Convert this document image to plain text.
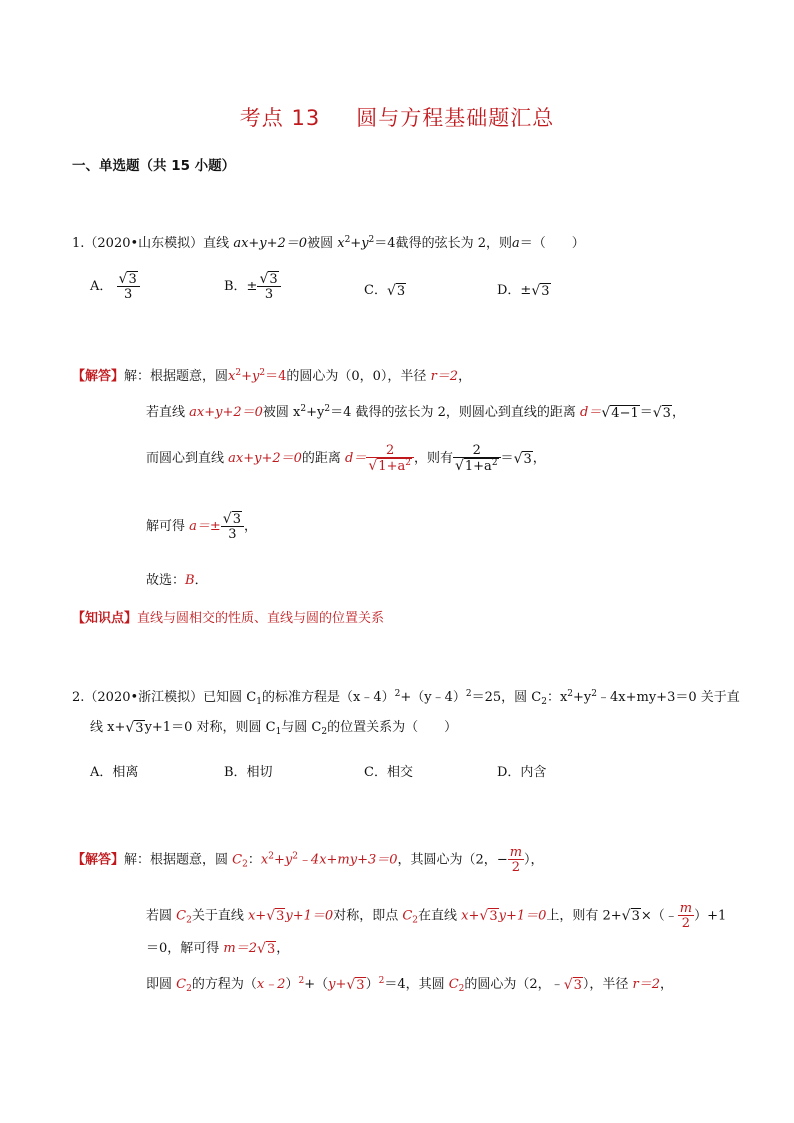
考点 13 圆与方程基础题汇总
一、单选题（共 15 小题）
1.（2020•山东模拟）直线 ax+y+2＝0被圆 $x^2+y^2=4$截得的弦长为 2，则a＝（　　）
A． $\frac{√3}{3}$	B．± $\frac{√3}{3}$	C．√3	D．±√3
【解答】解：根据题意，圆$x^2+y^2=4$的圆心为（0，0），半径 r＝2，
若直线 ax+y+2＝0被圆 $x^2+y^2=4$ 截得的弦长为 2，则圆心到直线的距离 d＝√4−1＝√3，
而圆心到直线 ax+y+2＝0的距离 $d= \frac{2}{√1+a^2}$ ，则有 $\frac{2}{√1+a^2} =√3$，
解可得 $a=\pm \frac{√3}{3}$ ，
故选：B．
【知识点】直线与圆相交的性质、直线与圆的位置关系
2.（2020•浙江模拟）已知圆 $C_1$的标准方程是（x﹣4）$^2$+（y﹣4）$^2$＝25，圆 $C_2$：$x^2+y^2﹣4x+my+3=0$ 关于直
线 x+√3y+1＝0 对称，则圆 $C_1$与圆 $C_2$的位置关系为（　　）
A．相离	B．相切	C．相交	D．内含
【解答】解：根据题意，圆 $C_2$：$x^2+y^2﹣4x+my+3=0$，其圆心为（2，− $\frac{m}{2}$ ），
若圆 $C_2$关于直线 x+√3y+1＝0对称，即点 $C_2$在直线 x+√3y+1＝0上，则有 2+√3×（﹣ $\frac{m}{2} )+1$
＝0，解可得 m＝2√3，
即圆 $C_2$的方程为$(x﹣2)^2+(y+√3)^2=4$，其圆 $C_2$的圆心为（2，﹣√3），半径 r＝2，
